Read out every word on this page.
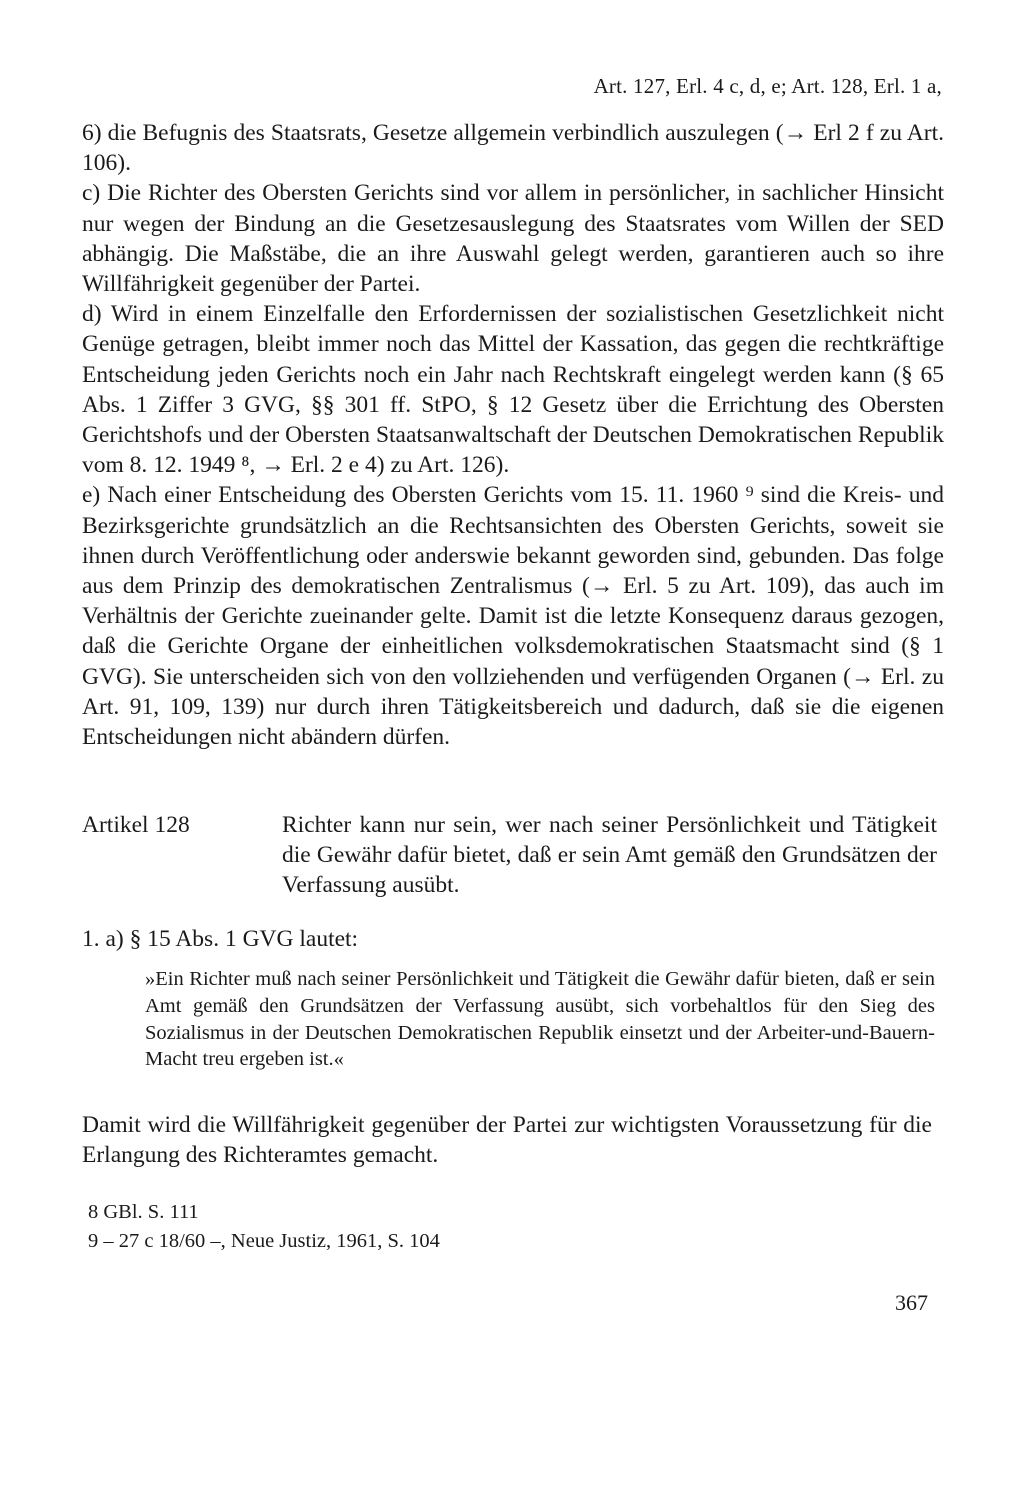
Art. 127, Erl. 4 c, d, e; Art. 128, Erl. 1 a,

6) die Befugnis des Staatsrats, Gesetze allgemein verbindlich auszulegen (→ Erl 2 f zu Art. 106).

c) Die Richter des Obersten Gerichts sind vor allem in persönlicher, in sachlicher Hinsicht nur wegen der Bindung an die Gesetzesauslegung des Staatsrates vom Willen der SED abhängig. Die Maßstäbe, die an ihre Auswahl gelegt werden, garantieren auch so ihre Willfährigkeit gegenüber der Partei.

d) Wird in einem Einzelfalle den Erfordernissen der sozialistischen Gesetzlichkeit nicht Genüge getragen, bleibt immer noch das Mittel der Kassation, das gegen die rechtkräftige Entscheidung jeden Gerichts noch ein Jahr nach Rechtskraft eingelegt werden kann (§ 65 Abs. 1 Ziffer 3 GVG, §§ 301 ff. StPO, § 12 Gesetz über die Errichtung des Obersten Gerichtshofs und der Obersten Staatsanwaltschaft der Deutschen Demokratischen Republik vom 8. 12. 1949 ⁸, → Erl. 2 e 4) zu Art. 126).

e) Nach einer Entscheidung des Obersten Gerichts vom 15. 11. 1960 ⁹ sind die Kreis- und Bezirksgerichte grundsätzlich an die Rechtsansichten des Obersten Gerichts, soweit sie ihnen durch Veröffentlichung oder anderswie bekannt geworden sind, gebunden. Das folge aus dem Prinzip des demokratischen Zentralismus (→ Erl. 5 zu Art. 109), das auch im Verhältnis der Gerichte zueinander gelte. Damit ist die letzte Konsequenz daraus gezogen, daß die Gerichte Organe der einheitlichen volksdemokratischen Staatsmacht sind (§ 1 GVG). Sie unterscheiden sich von den vollziehenden und verfügenden Organen (→ Erl. zu Art. 91, 109, 139) nur durch ihren Tätigkeitsbereich und dadurch, daß sie die eigenen Entscheidungen nicht abändern dürfen.

Artikel 128	Richter kann nur sein, wer nach seiner Persönlichkeit und Tätigkeit die Gewähr dafür bietet, daß er sein Amt gemäß den Grundsätzen der Verfassung ausübt.
1. a) § 15 Abs. 1 GVG lautet:
»Ein Richter muß nach seiner Persönlichkeit und Tätigkeit die Gewähr dafür bieten, daß er sein Amt gemäß den Grundsätzen der Verfassung ausübt, sich vorbehaltlos für den Sieg des Sozialismus in der Deutschen Demokratischen Republik einsetzt und der Arbeiter-und-Bauern-Macht treu ergeben ist.«
Damit wird die Willfährigkeit gegenüber der Partei zur wichtigsten Voraussetzung für die Erlangung des Richteramtes gemacht.

8 GBl. S. 111

9 – 27 c 18/60 –, Neue Justiz, 1961, S. 104

367
